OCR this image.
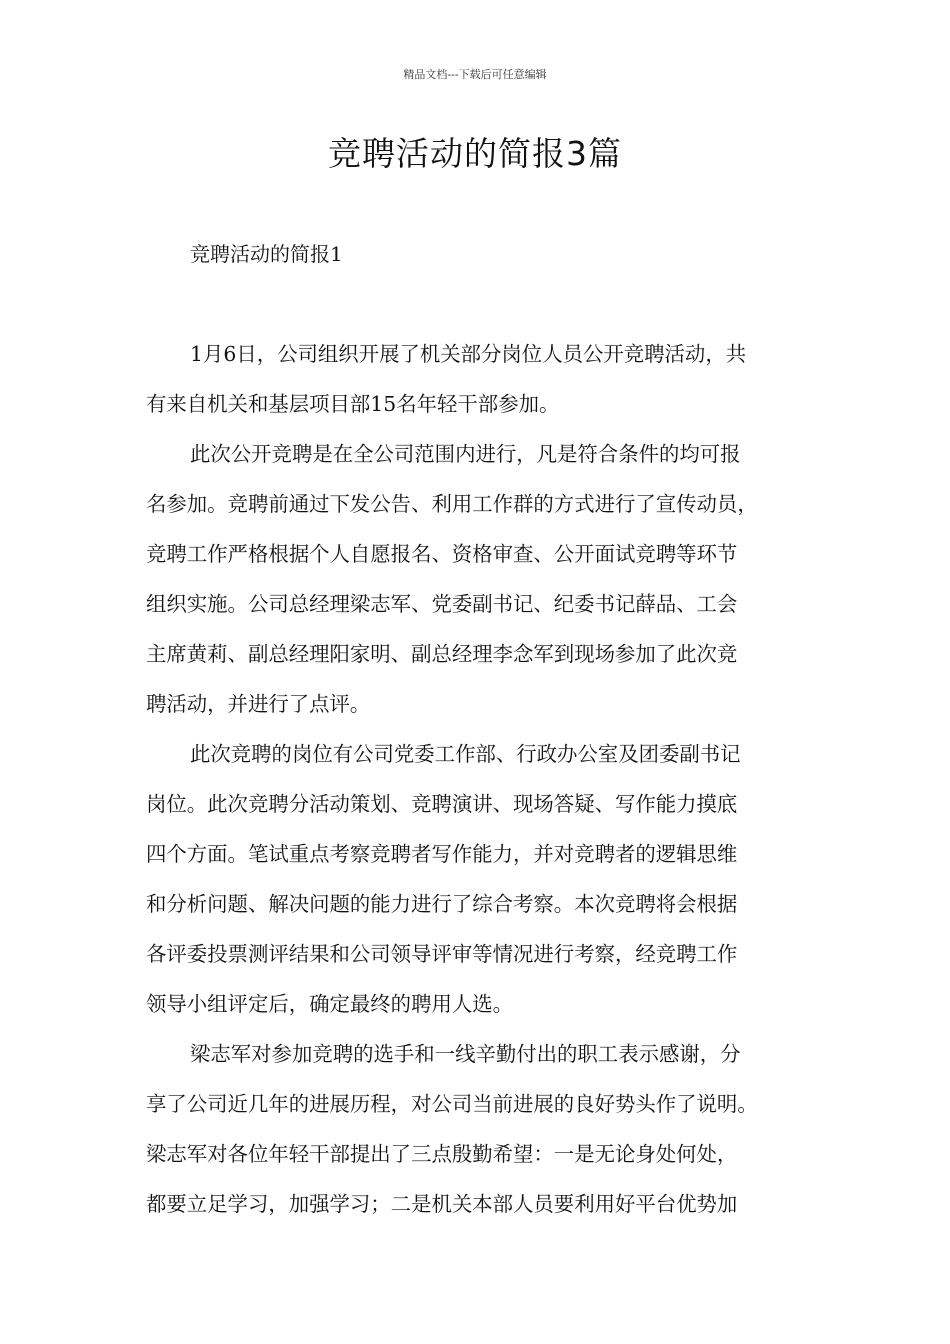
精品文档---下载后可任意编辑
竞聘活动的简报3篇
竞聘活动的简报1
1月6日，公司组织开展了机关部分岗位人员公开竞聘活动，共
有来自机关和基层项目部15名年轻干部参加。
此次公开竞聘是在全公司范围内进行，凡是符合条件的均可报
名参加。竞聘前通过下发公告、利用工作群的方式进行了宣传动员，
竞聘工作严格根据个人自愿报名、资格审查、公开面试竞聘等环节
组织实施。公司总经理梁志军、党委副书记、纪委书记薛品、工会
主席黄莉、副总经理阳家明、副总经理李念军到现场参加了此次竞
聘活动，并进行了点评。
此次竞聘的岗位有公司党委工作部、行政办公室及团委副书记
岗位。此次竞聘分活动策划、竞聘演讲、现场答疑、写作能力摸底
四个方面。笔试重点考察竞聘者写作能力，并对竞聘者的逻辑思维
和分析问题、解决问题的能力进行了综合考察。本次竞聘将会根据
各评委投票测评结果和公司领导评审等情况进行考察，经竞聘工作
领导小组评定后，确定最终的聘用人选。
梁志军对参加竞聘的选手和一线辛勤付出的职工表示感谢，分
享了公司近几年的进展历程，对公司当前进展的良好势头作了说明。
梁志军对各位年轻干部提出了三点殷勤希望：一是无论身处何处，
都要立足学习，加强学习；二是机关本部人员要利用好平台优势加
